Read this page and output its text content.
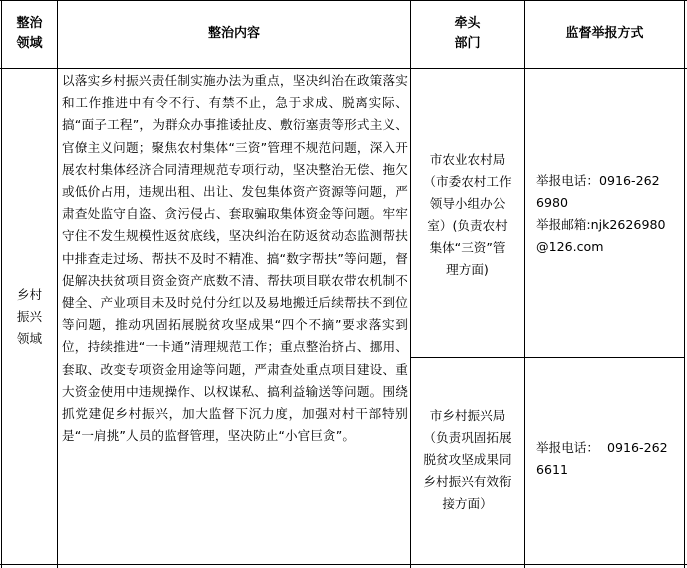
整治
领域
整治内容
牵头
部门
监督举报方式
乡村
振兴
领域
以落实乡村振兴责任制实施办法为重点，坚决纠治在政策落实和工作推进中有令不行、有禁不止，急于求成、脱离实际、搞“面子工程”，为群众办事推诿扯皮、敷衍塞责等形式主义、官僚主义问题；聚焦农村集体“三资”管理不规范问题，深入开展农村集体经济合同清理规范专项行动，坚决整治无偿、拖欠或低价占用，违规出租、出让、发包集体资产资源等问题，严肃查处监守自盗、贪污侵占、套取骗取集体资金等问题。牢牢守住不发生规模性返贫底线，坚决纠治在防返贫动态监测帮扶中排查走过场、帮扶不及时不精准、搞“数字帮扶”等问题，督促解决扶贫项目资金资产底数不清、帮扶项目联农带农机制不健全、产业项目未及时兑付分红以及易地搬迁后续帮扶不到位等问题，推动巩固拓展脱贫攻坚成果“四个不摘”要求落实到位，持续推进“一卡通”清理规范工作；重点整治挤占、挪用、套取、改变专项资金用途等问题，严肃查处重点项目建设、重大资金使用中违规操作、以权谋私、搞利益输送等问题。围绕抓党建促乡村振兴，加大监督下沉力度，加强对村干部特别是“一肩挑”人员的监督管理，坚决防止“小官巨贪”。
市农业农村局
（市委农村工作
领导小组办公
室）(负责农村
集体“三资”管
理方面)
市乡村振兴局
（负责巩固拓展
脱贫攻坚成果同
乡村振兴有效衔
接方面）
举报电话：0916-262
6980
举报邮箱:njk2626980
@126.com
举报电话：  0916-262
6611
